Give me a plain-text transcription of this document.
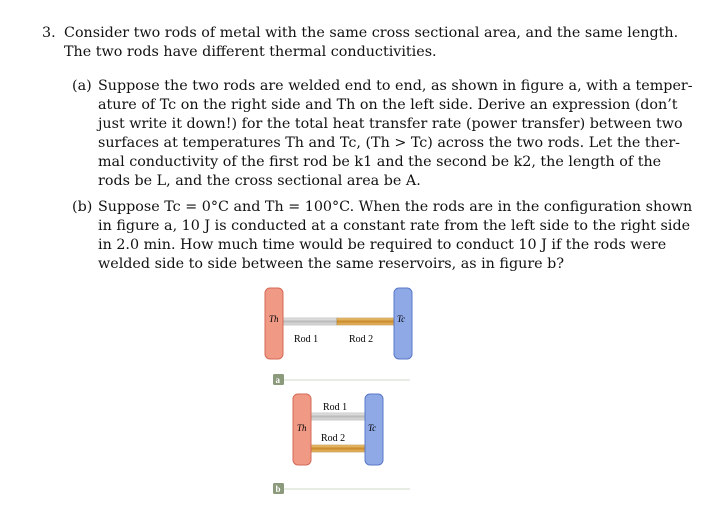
3. Consider two rods of metal with the same cross sectional area, and the same length.
The two rods have different thermal conductivities.
(a) Suppose the two rods are welded end to end, as shown in figure a, with a temper-
ature of Tc on the right side and Th on the left side. Derive an expression (don’t
just write it down!) for the total heat transfer rate (power transfer) between two
surfaces at temperatures Th and Tc, (Th > Tc) across the two rods. Let the ther-
mal conductivity of the first rod be k1 and the second be k2, the length of the
rods be L, and the cross sectional area be A.
(b) Suppose Tc = 0°C and Th = 100°C. When the rods are in the configuration shown
in figure a, 10 J is conducted at a constant rate from the left side to the right side
in 2.0 min. How much time would be required to conduct 10 J if the rods were
welded side to side between the same reservoirs, as in figure b?
Th	Tc
Rod 1	Rod 2
a
Th	Tc
Rod 1
Rod 2
b
